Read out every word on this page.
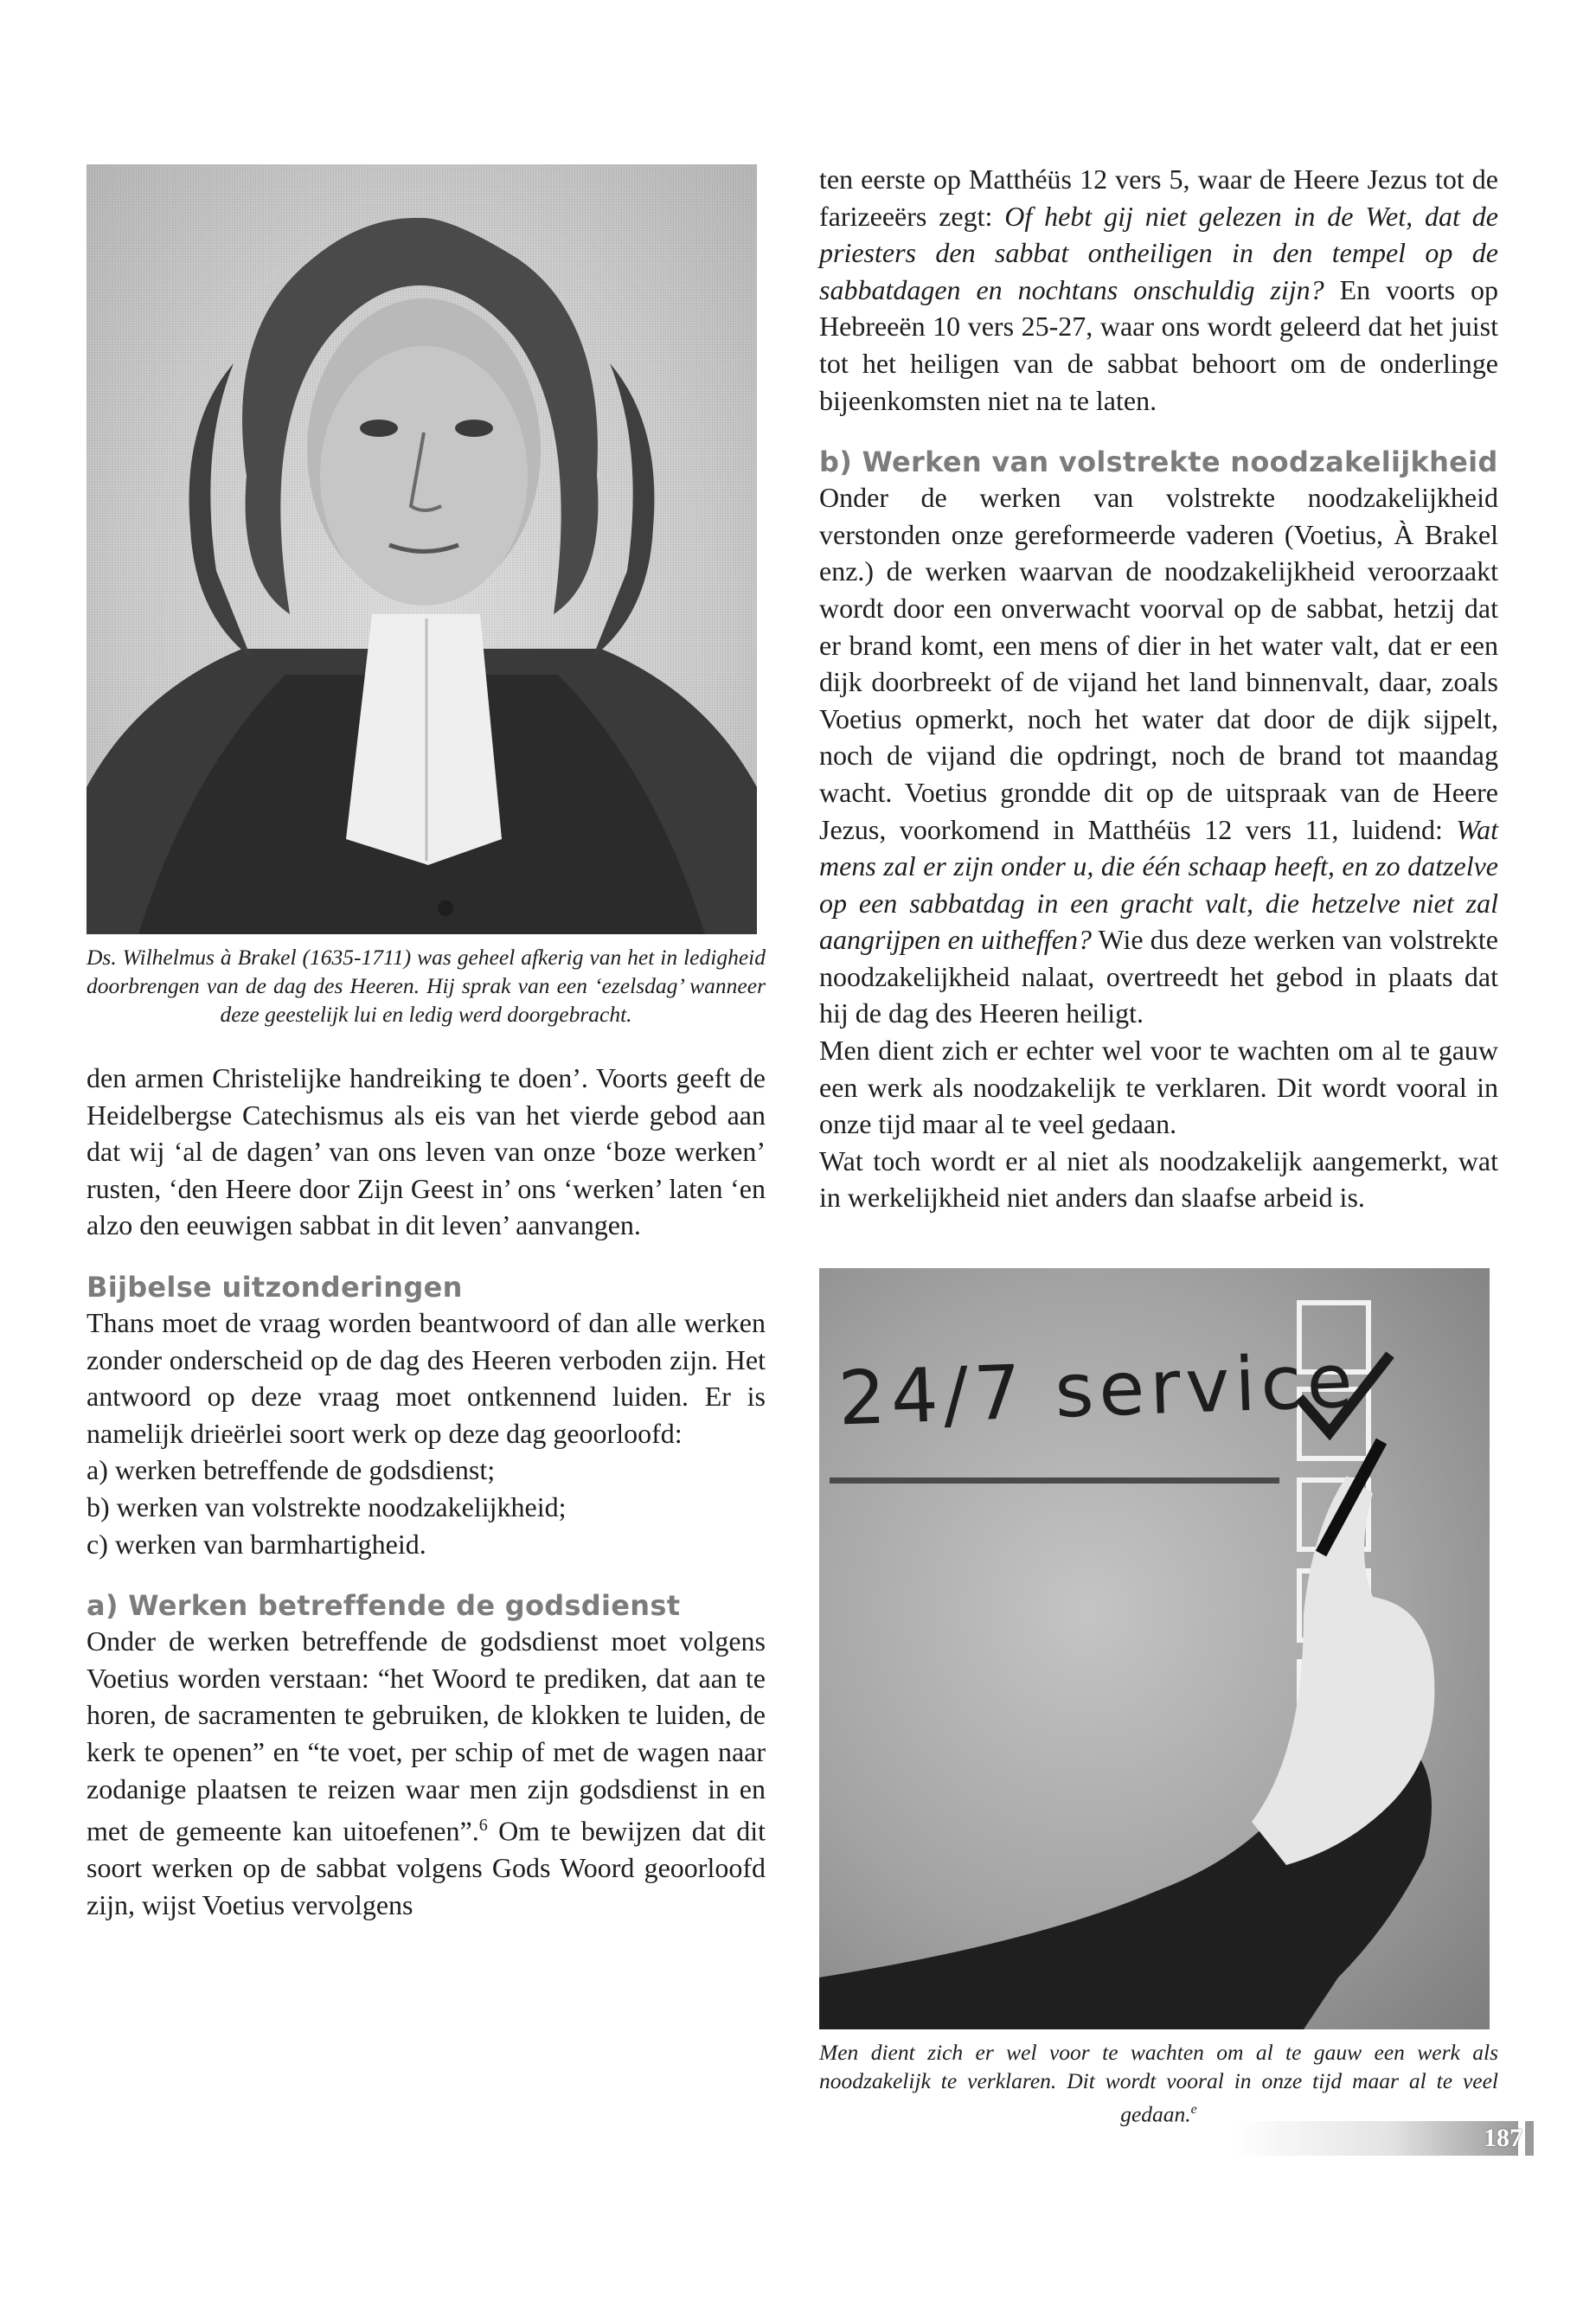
Ds. Wilhelmus à Brakel (1635-1711) was geheel afkerig van het in ledigheid doorbrengen van de dag des Heeren. Hij sprak van een ‘ezelsdag’ wanneer deze geestelijk lui en ledig werd doorgebracht.

den armen Christelijke handreiking te doen’. Voorts geeft de Heidelbergse Catechismus als eis van het vierde gebod aan dat wij ‘al de dagen’ van ons leven van onze ‘boze werken’ rusten, ‘den Heere door Zijn Geest in’ ons ‘werken’ laten ‘en alzo den eeuwigen sabbat in dit leven’ aanvangen.

Bijbelse uitzonderingen

Thans moet de vraag worden beantwoord of dan alle werken zonder onderscheid op de dag des Heeren verboden zijn. Het antwoord op deze vraag moet ontkennend luiden. Er is namelijk drieërlei soort werk op deze dag geoorloofd:

a) werken betreffende de godsdienst;

b) werken van volstrekte noodzakelijkheid;

c) werken van barmhartigheid.

a) Werken betreffende de godsdienst

Onder de werken betreffende de godsdienst moet volgens Voetius worden verstaan: “het Woord te prediken, dat aan te horen, de sacramenten te gebruiken, de klokken te luiden, de kerk te openen” en “te voet, per schip of met de wagen naar zodanige plaatsen te reizen waar men zijn godsdienst in en met de gemeente kan uitoefenen”.$^6$ Om te bewijzen dat dit soort werken op de sabbat volgens Gods Woord geoorloofd zijn, wijst Voetius vervolgens

ten eerste op Matthéüs 12 vers 5, waar de Heere Jezus tot de farizeeërs zegt: Of hebt gij niet gelezen in de Wet, dat de priesters den sabbat ontheiligen in den tempel op de sabbatdagen en nochtans onschuldig zijn? En voorts op Hebreeën 10 vers 25-27, waar ons wordt geleerd dat het juist tot het heiligen van de sabbat behoort om de onderlinge bijeenkomsten niet na te laten.

b) Werken van volstrekte noodzakelijkheid

Onder de werken van volstrekte noodzakelijkheid verstonden onze gereformeerde vaderen (Voetius, À Brakel enz.) de werken waarvan de noodzakelijkheid veroorzaakt wordt door een onverwacht voorval op de sabbat, hetzij dat er brand komt, een mens of dier in het water valt, dat er een dijk doorbreekt of de vijand het land binnenvalt, daar, zoals Voetius opmerkt, noch het water dat door de dijk sijpelt, noch de vijand die opdringt, noch de brand tot maandag wacht. Voetius grondde dit op de uitspraak van de Heere Jezus, voorkomend in Matthéüs 12 vers 11, luidend: Wat mens zal er zijn onder u, die één schaap heeft, en zo datzelve op een sabbatdag in een gracht valt, die hetzelve niet zal aangrijpen en uitheffen? Wie dus deze werken van volstrekte noodzakelijkheid nalaat, overtreedt het gebod in plaats dat hij de dag des Heeren heiligt.

Men dient zich er echter wel voor te wachten om al te gauw een werk als noodzakelijk te verklaren. Dit wordt vooral in onze tijd maar al te veel gedaan.

Wat toch wordt er al niet als noodzakelijk aangemerkt, wat in werkelijkheid niet anders dan slaafse arbeid is.

24/7 service

Men dient zich er wel voor te wachten om al te gauw een werk als noodzakelijk te verklaren. Dit wordt vooral in onze tijd maar al te veel gedaan.$^e$

187
